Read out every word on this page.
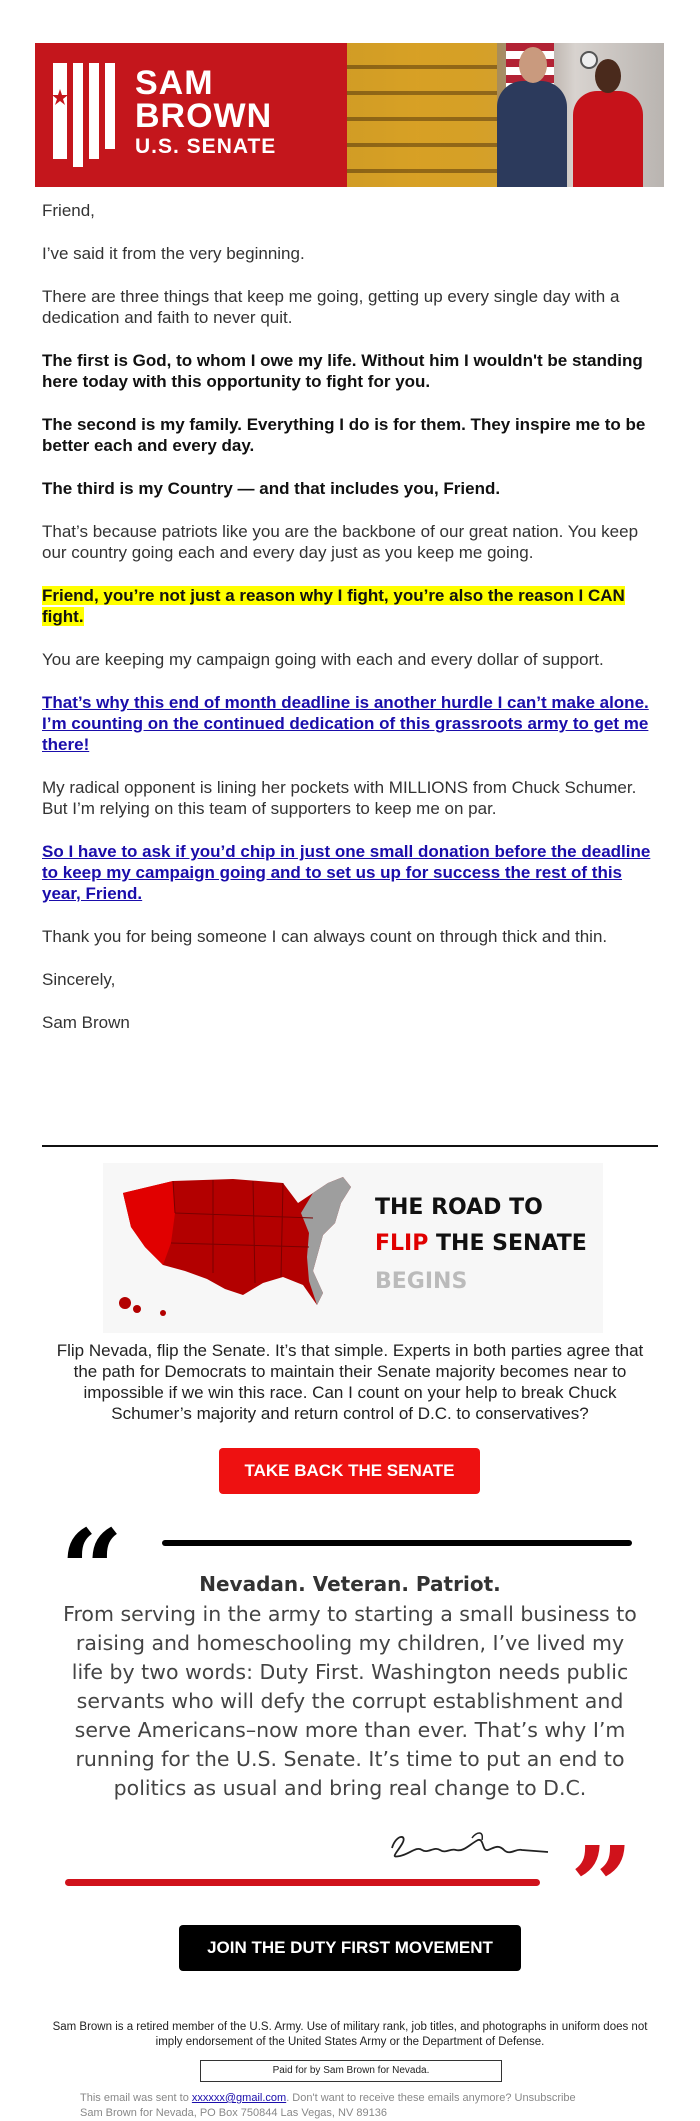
SAM
BROWN
U.S. SENATE

Friend,

I’ve said it from the very beginning.

There are three things that keep me going, getting up every single day with a dedication and faith to never quit.

The first is God, to whom I owe my life. Without him I wouldn't be standing here today with this opportunity to fight for you.

The second is my family. Everything I do is for them. They inspire me to be better each and every day.

The third is my Country — and that includes you, Friend.

That’s because patriots like you are the backbone of our great nation. You keep our country going each and every day just as you keep me going.

Friend, you’re not just a reason why I fight, you’re also the reason I CAN fight.

You are keeping my campaign going with each and every dollar of support.

That’s why this end of month deadline is another hurdle I can’t make alone. I’m counting on the continued dedication of this grassroots army to get me there!

My radical opponent is lining her pockets with MILLIONS from Chuck Schumer. But I’m relying on this team of supporters to keep me on par.

So I have to ask if you’d chip in just one small donation before the deadline to keep my campaign going and to set us up for success the rest of this year, Friend.

Thank you for being someone I can always count on through thick and thin.

Sincerely,

Sam Brown

THE ROAD TO
FLIP THE SENATE
BEGINS
Flip Nevada, flip the Senate. It’s that simple. Experts in both parties agree that the path for Democrats to maintain their Senate majority becomes near to impossible if we win this race. Can I count on your help to break Chuck Schumer’s majority and return control of D.C. to conservatives?
TAKE BACK THE SENATE
“	Nevadan. Veteran. Patriot.
From serving in the army to starting a small business to raising and homeschooling my children, I’ve lived my life by two words: Duty First. Washington needs public servants who will defy the corrupt establishment and serve Americans–now more than ever. That’s why I’m running for the U.S. Senate. It’s time to put an end to politics as usual and bring real change to D.C.
”
JOIN THE DUTY FIRST MOVEMENT
Sam Brown is a retired member of the U.S. Army. Use of military rank, job titles, and photographs in uniform does not imply endorsement of the United States Army or the Department of Defense.
Paid for by Sam Brown for Nevada.
This email was sent to xxxxxx@gmail.com. Don't want to receive these emails anymore? Unsubscribe
Sam Brown for Nevada, PO Box 750844 Las Vegas, NV 89136
